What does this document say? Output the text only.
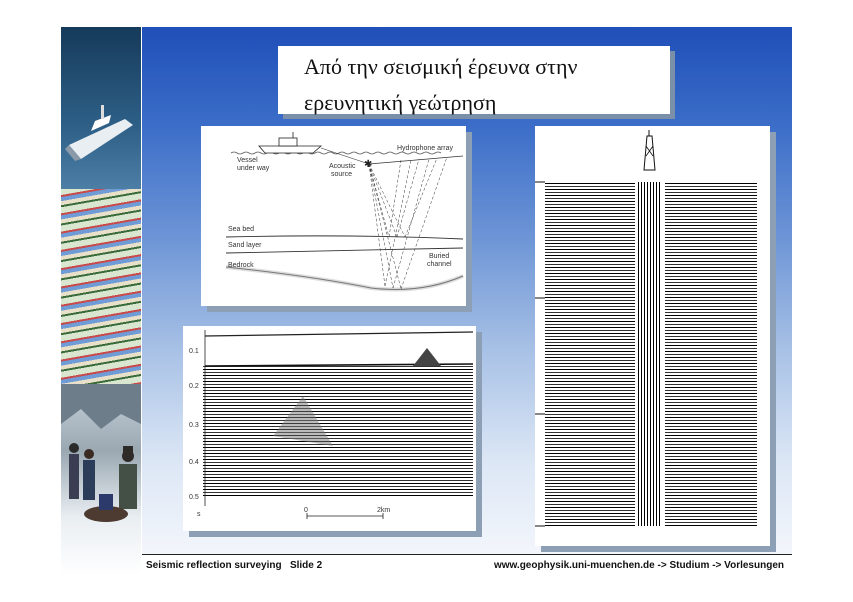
Από την σεισμική έρευνα στην
ερευνητική γεώτρηση
✱
Vessel
under way	Acoustic
source
Hydrophone array
Sea bed
Sand layer
Bedrock
Buried
channel
0.1
0.2
0.3
0.4
0.5
s
0	2km
Seismic reflection surveying   Slide 2	www.geophysik.uni-muenchen.de -> Studium -> Vorlesungen
